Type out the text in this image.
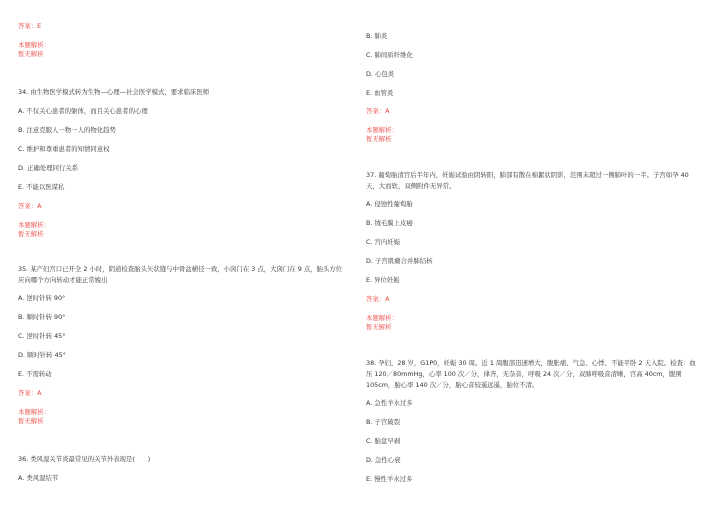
答案：E
本题解析：
暂无解析
34. 由生物医学模式转为生物—心理—社会医学模式，要求临床医师
A. 不仅关心患者的躯体，而且关心患者的心理
B. 注意克服人一物一人的物化趋势
C. 维护和尊重患者的知情同意权
D. 正确处理同行关系
E. 不能以医谋私
答案：A
本题解析：
暂无解析
35. 某产妇宫口已开全 2 小时，阴道检查胎头矢状缝与中骨盆横径一致，小囟门在 3 点，大囟门在 9 点，胎头方位应向哪个方向转动才能正常娩出
A. 逆时针转 90°
B. 顺时针转 90°
C. 逆时针转 45°
D. 顺时针转 45°
E. 不需转动
答案：A
本题解析：
暂无解析
36. 类风湿关节炎最常见的关节外表现是(　　)
A. 类风湿结节
B. 肺炎
C. 肺间质纤维化
D. 心包炎
E. 血管炎
答案：A
本题解析：
暂无解析
37. 葡萄胎清宫后半年内，妊娠试验由阴转阳，肺部有散在棉絮状阴影，范围未超过一侧肺叶的一半。子宫如孕 40 天，大而软，双侧附件无异常。
A. 侵蚀性葡萄胎
B. 绒毛膜上皮癌
C. 宫内妊娠
D. 子宫肌瘤合并肺结核
E. 异位妊娠
答案：A
本题解析：
暂无解析
38. 孕妇，28 岁，G1P0，妊娠 30 周。近 1 周腹部迅速增大，腹胀痛、气急、心悸、不能平卧 2 天入院。检查：血压 120／80mmHg，心率 100 次／分，律齐，无杂音，呼吸 24 次／分，双肺呼吸音清晰，宫高 40cm，腹围 105cm，胎心率 140 次／分，胎心音较遥远遥，胎位不清。
A. 急性羊水过多
B. 子宫破裂
C. 胎盘早剥
D. 急性心衰
E. 慢性羊水过多
